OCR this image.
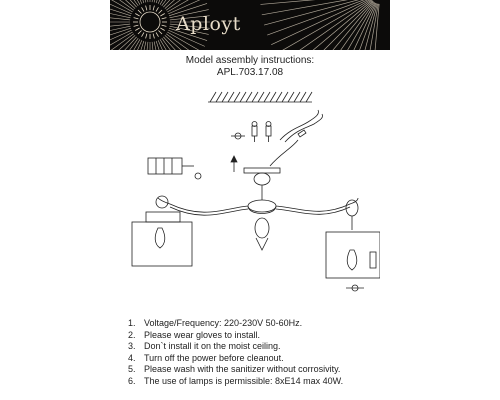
Aployt
Model assembly instructions:
APL.703.17.08
1. Voltage/Frequency: 220-230V 50-60Hz.
2. Please wear gloves to install.
3. Don`t install it on the moist ceiling.
4. Turn off the power before cleanout.
5. Please wash with the sanitizer without corrosivity.
6. The use of lamps is permissible: 8xE14 max 40W.
